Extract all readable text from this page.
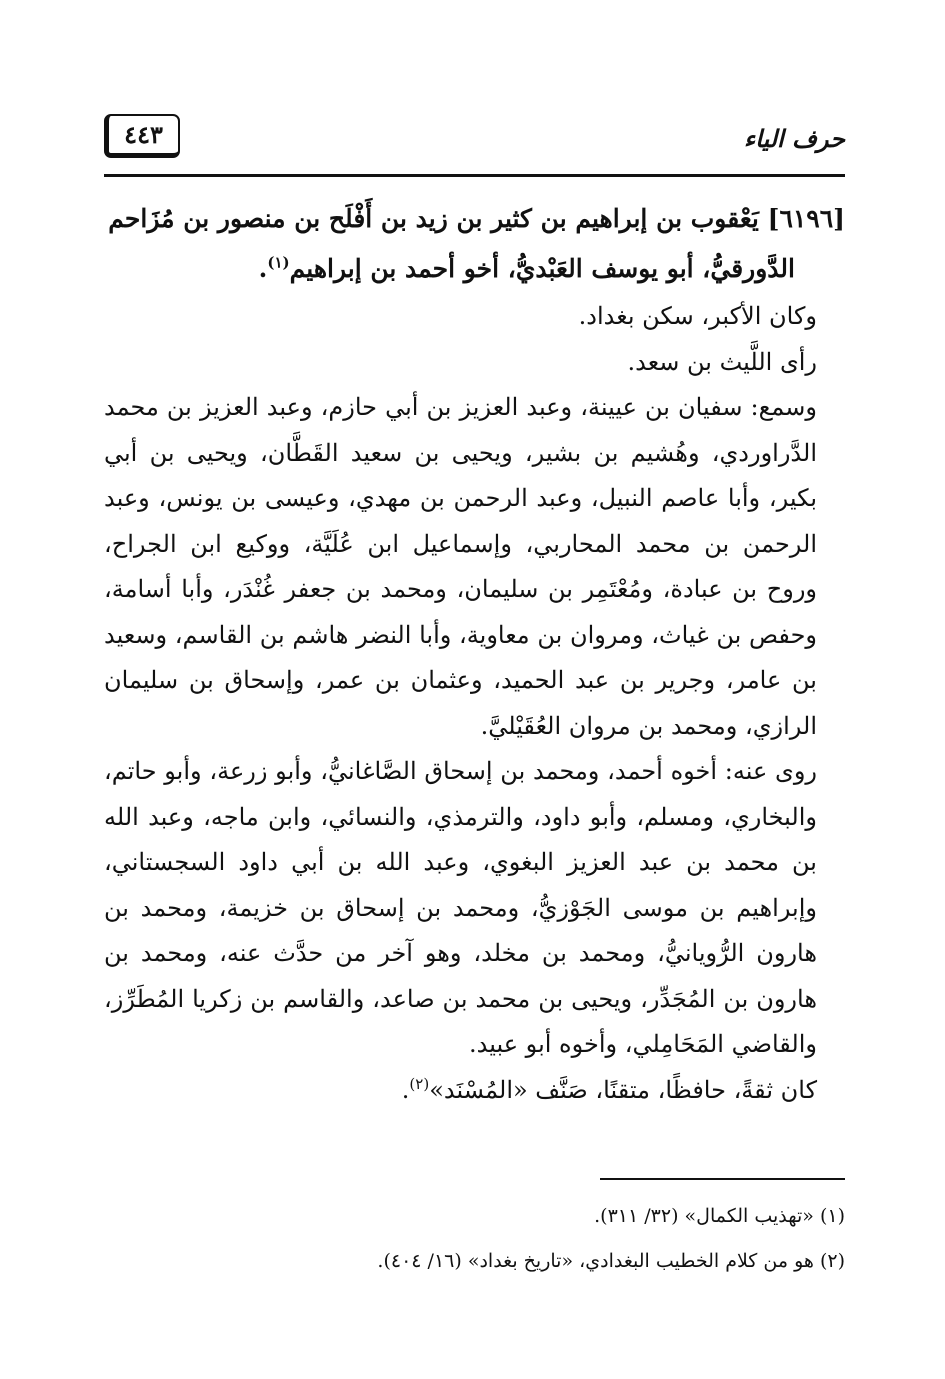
حرف الياء
٤٤٣

[٦١٩٦] يَعْقوب بن إبراهيم بن كثير بن زيد بن أَفْلَح بن منصور بن مُزَاحم

الدَّورقيُّ، أبو يوسف العَبْديُّ، أخو أحمد بن إبراهيم$^{(١)}$.

وكان الأكبر، سكن بغداد.

رأى اللَّيث بن سعد.

وسمع: سفيان بن عيينة، وعبد العزيز بن أبي حازم، وعبد العزيز بن محمد الدَّراوردي، وهُشيم بن بشير، ويحيى بن سعيد القَطَّان، ويحيى بن أبي بكير، وأبا عاصم النبيل، وعبد الرحمن بن مهدي، وعيسى بن يونس، وعبد الرحمن بن محمد المحاربي، وإسماعيل ابن عُلَيَّة، ووكيع ابن الجراح، وروح بن عبادة، ومُعْتَمِر بن سليمان، ومحمد بن جعفر غُنْدَر، وأبا أسامة، وحفص بن غياث، ومروان بن معاوية، وأبا النضر هاشم بن القاسم، وسعيد بن عامر، وجرير بن عبد الحميد، وعثمان بن عمر، وإسحاق بن سليمان الرازي، ومحمد بن مروان العُقَيْليَّ.

روى عنه: أخوه أحمد، ومحمد بن إسحاق الصَّاغانيُّ، وأبو زرعة، وأبو حاتم، والبخاري، ومسلم، وأبو داود، والترمذي، والنسائي، وابن ماجه، وعبد الله بن محمد بن عبد العزيز البغوي، وعبد الله بن أبي داود السجستاني، وإبراهيم بن موسى الجَوْزيُّ، ومحمد بن إسحاق بن خزيمة، ومحمد بن هارون الرُّويانيُّ، ومحمد بن مخلد، وهو آخر من حدَّث عنه، ومحمد بن هارون بن المُجَدِّر، ويحيى بن محمد بن صاعد، والقاسم بن زكريا المُطَرِّز، والقاضي المَحَامِلي، وأخوه أبو عبيد.

كان ثقةً، حافظًا، متقنًا، صَنَّف «المُسْنَد»$^{(٢)}$.

(١) «تهذيب الكمال» (٣٢/ ٣١١).

(٢) هو من كلام الخطيب البغدادي، «تاريخ بغداد» (١٦/ ٤٠٤).
